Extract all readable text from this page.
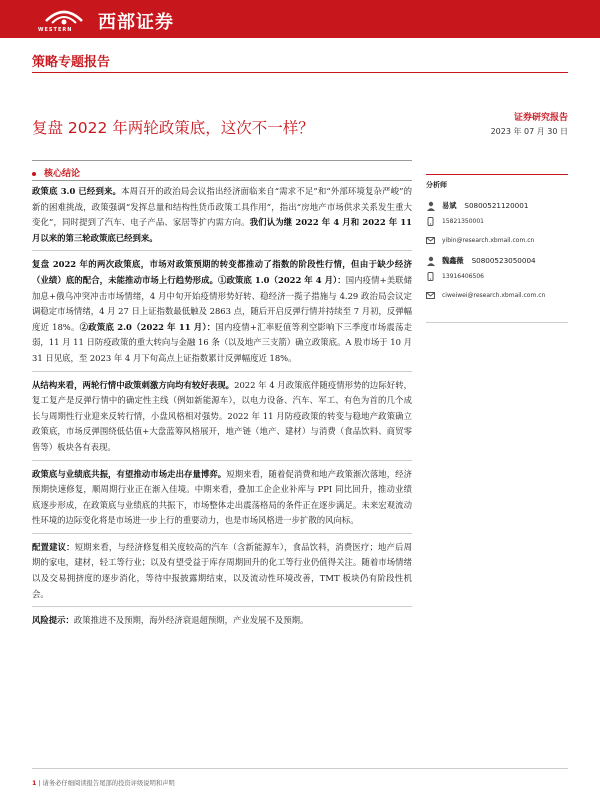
WESTERN 西部证券
策略专题报告
复盘 2022 年两轮政策底，这次不一样？
证券研究报告
2023 年 07 月 30 日
核心结论

政策底 3.0 已经到来。本周召开的政治局会议指出经济面临来自“需求不足”和“外部环境复杂严峻”的新的困难挑战，政策强调“发挥总量和结构性货币政策工具作用”，指出“房地产市场供求关系发生重大变化”，同时提到了汽车、电子产品、家居等扩内需方向。我们认为继 2022 年 4 月和 2022 年 11 月以来的第三轮政策底已经到来。

复盘 2022 年的两次政策底，市场对政策预期的转变都推动了指数的阶段性行情，但由于缺少经济（业绩）底的配合，未能推动市场上行趋势形成。①政策底 1.0（2022 年 4 月）：国内疫情+美联储加息+俄乌冲突冲击市场情绪，4 月中旬开始疫情形势好转、稳经济一揽子措施与 4.29 政治局会议定调稳定市场情绪，4 月 27 日上证指数最低触及 2863 点，随后开启反弹行情并持续至 7 月初，反弹幅度近 18%。②政策底 2.0（2022 年 11 月）：国内疫情+汇率贬值等利空影响下三季度市场震荡走弱，11 月 11 日防疫政策的重大转向与金融 16 条（以及地产三支箭）确立政策底。A 股市场于 10 月 31 日见底，至 2023 年 4 月下旬高点上证指数累计反弹幅度近 18%。

从结构来看，两轮行情中政策刺激方向均有较好表现。2022 年 4 月政策底伴随疫情形势的边际好转，复工复产是反弹行情中的确定性主线（例如新能源车），以电力设备、汽车、军工、有色为首的几个成长与周期性行业迎来反转行情，小盘风格相对强势。2022 年 11 月防疫政策的转变与稳地产政策确立政策底，市场反弹围绕低估值+大盘蓝筹风格展开，地产链（地产、建材）与消费（食品饮料、商贸零售等）板块各有表现。

政策底与业绩底共振，有望推动市场走出存量博弈。短期来看，随着促消费和地产政策渐次落地，经济预期快速修复，顺周期行业正在渐入佳境。中期来看，叠加工企企业补库与 PPI 同比回升，推动业绩底逐步形成，在政策底与业绩底的共振下，市场整体走出震荡格局的条件正在逐步满足。未来宏观流动性环境的边际变化将是市场进一步上行的重要动力，也是市场风格进一步扩散的风向标。

配置建议：短期来看，与经济修复相关度较高的汽车（含新能源车），食品饮料，消费医疗；地产后周期的家电，建材，轻工等行业；以及有望受益于库存周期回升的化工等行业仍值得关注。随着市场情绪以及交易拥挤度的逐步消化，等待中报披露期结束，以及流动性环境改善，TMT 板块仍有阶段性机会。

风险提示：政策推进不及预期，海外经济衰退超预期，产业发展不及预期。

分析师
易斌 S0800521120001
15821350001
yibin@research.xbmail.com.cn
魏鑫薇 S0800523050004
13916406506
ciweiwei@research.xbmail.com.cn
1 | 请务必仔细阅读报告尾部的投资评级说明和声明
